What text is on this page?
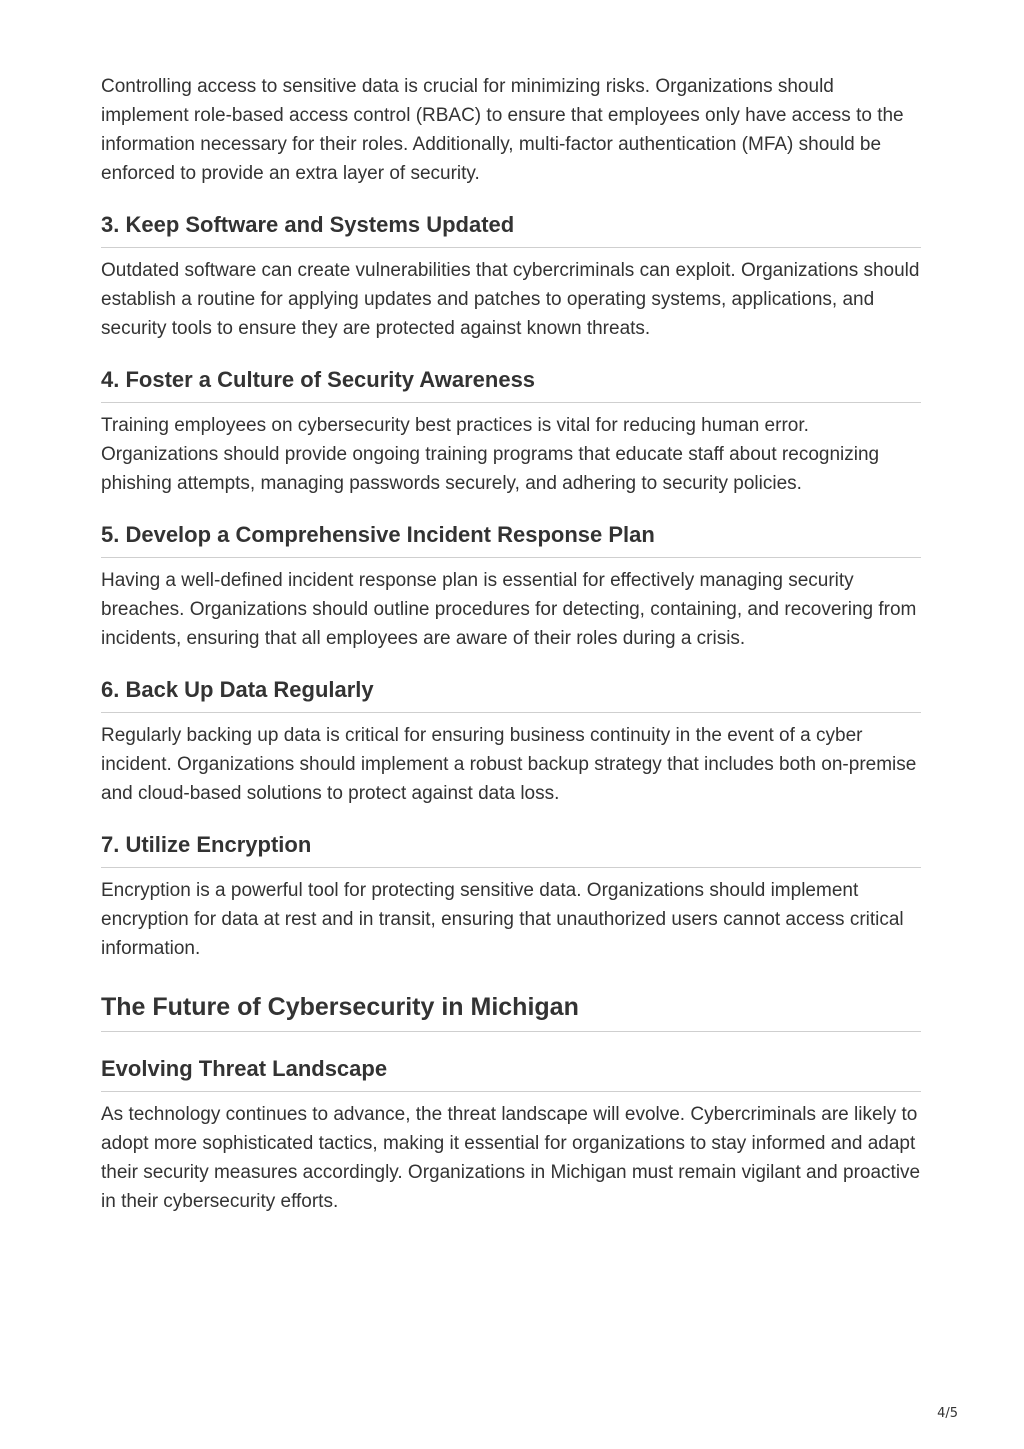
Controlling access to sensitive data is crucial for minimizing risks. Organizations should implement role-based access control (RBAC) to ensure that employees only have access to the information necessary for their roles. Additionally, multi-factor authentication (MFA) should be enforced to provide an extra layer of security.

3. Keep Software and Systems Updated

Outdated software can create vulnerabilities that cybercriminals can exploit. Organizations should establish a routine for applying updates and patches to operating systems, applications, and security tools to ensure they are protected against known threats.

4. Foster a Culture of Security Awareness

Training employees on cybersecurity best practices is vital for reducing human error. Organizations should provide ongoing training programs that educate staff about recognizing phishing attempts, managing passwords securely, and adhering to security policies.

5. Develop a Comprehensive Incident Response Plan

Having a well-defined incident response plan is essential for effectively managing security breaches. Organizations should outline procedures for detecting, containing, and recovering from incidents, ensuring that all employees are aware of their roles during a crisis.

6. Back Up Data Regularly

Regularly backing up data is critical for ensuring business continuity in the event of a cyber incident. Organizations should implement a robust backup strategy that includes both on-premise and cloud-based solutions to protect against data loss.

7. Utilize Encryption

Encryption is a powerful tool for protecting sensitive data. Organizations should implement encryption for data at rest and in transit, ensuring that unauthorized users cannot access critical information.

The Future of Cybersecurity in Michigan
Evolving Threat Landscape

As technology continues to advance, the threat landscape will evolve. Cybercriminals are likely to adopt more sophisticated tactics, making it essential for organizations to stay informed and adapt their security measures accordingly. Organizations in Michigan must remain vigilant and proactive in their cybersecurity efforts.

4/5
